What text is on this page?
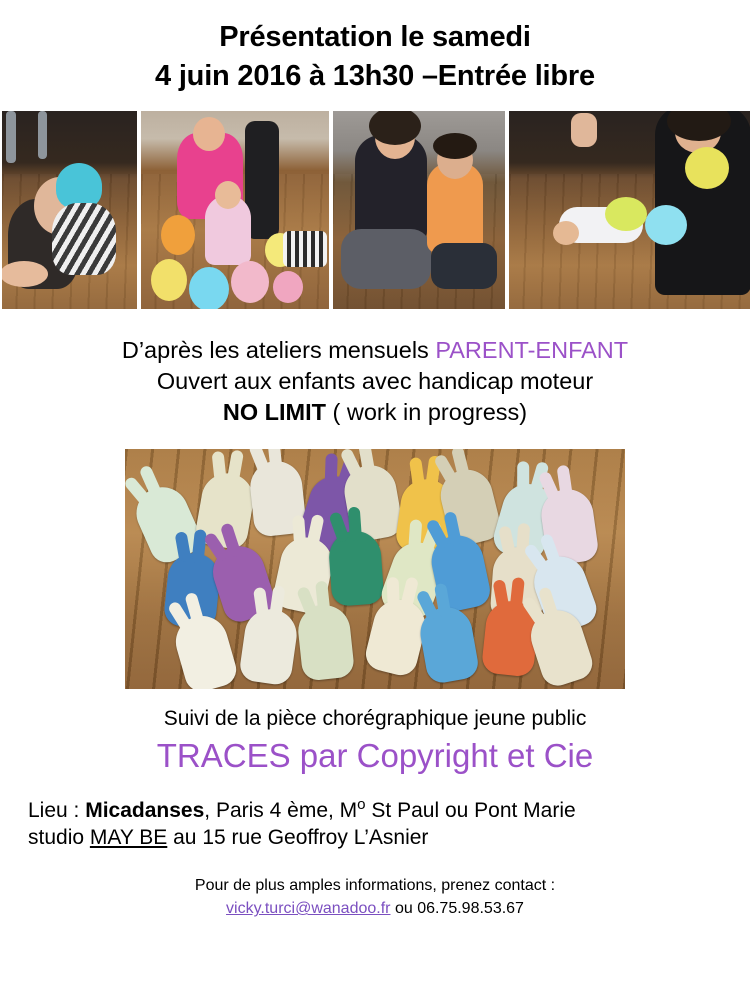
Présentation le samedi
4 juin 2016 à 13h30 –Entrée libre
D’après les ateliers mensuels PARENT-ENFANT
Ouvert aux enfants avec handicap moteur
NO LIMIT ( work in progress)
Suivi de la pièce chorégraphique jeune public
TRACES par Copyright et Cie
Lieu : Micadanses, Paris 4 ème, $M^o$ St Paul ou Pont Marie
studio MAY BE au 15 rue Geoffroy L’Asnier
Pour de plus amples informations, prenez contact :
vicky.turci@wanadoo.fr ou 06.75.98.53.67
